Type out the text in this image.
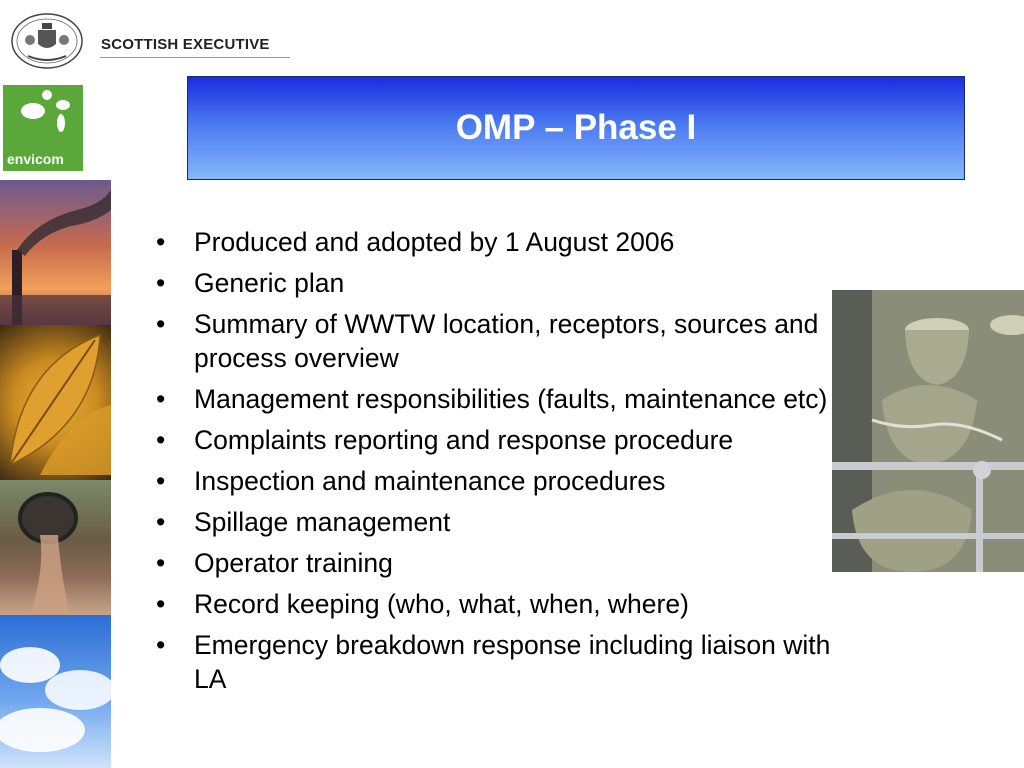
SCOTTISH EXECUTIVE
envicom
OMP – Phase I
• Produced and adopted by 1 August 2006
• Generic plan
• Summary of WWTW location, receptors, sources and process overview
• Management responsibilities (faults, maintenance etc)
• Complaints reporting and response procedure
• Inspection and maintenance procedures
• Spillage management
• Operator training
• Record keeping (who, what, when, where)
• Emergency breakdown response including liaison with LA
